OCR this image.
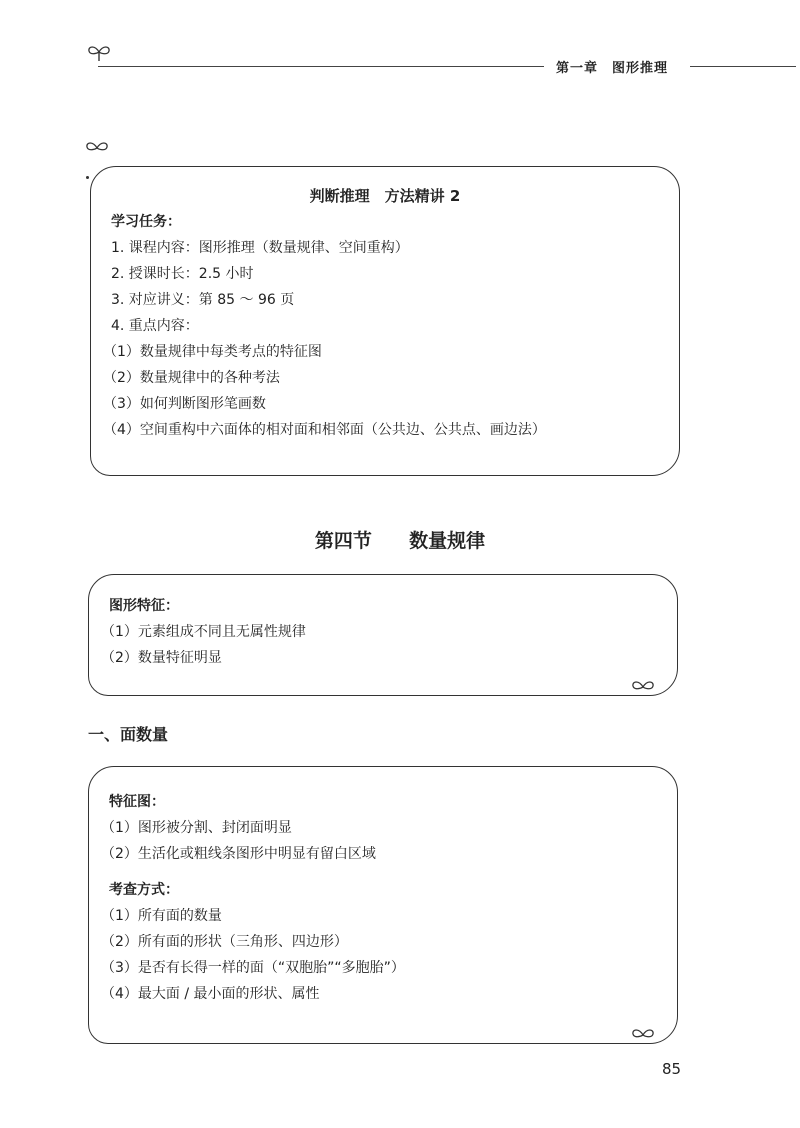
第一章　图形推理
判断推理　方法精讲 2
学习任务：
1. 课程内容：图形推理（数量规律、空间重构）
2. 授课时长：2.5 小时
3. 对应讲义：第 85 ～ 96 页
4. 重点内容：
（1）数量规律中每类考点的特征图
（2）数量规律中的各种考法
（3）如何判断图形笔画数
（4）空间重构中六面体的相对面和相邻面（公共边、公共点、画边法）
第四节 数量规律
图形特征：
（1）元素组成不同且无属性规律
（2）数量特征明显
一、面数量
特征图：
（1）图形被分割、封闭面明显
（2）生活化或粗线条图形中明显有留白区域
考查方式：
（1）所有面的数量
（2）所有面的形状（三角形、四边形）
（3）是否有长得一样的面（“双胞胎”“多胞胎”）
（4）最大面 / 最小面的形状、属性
85
